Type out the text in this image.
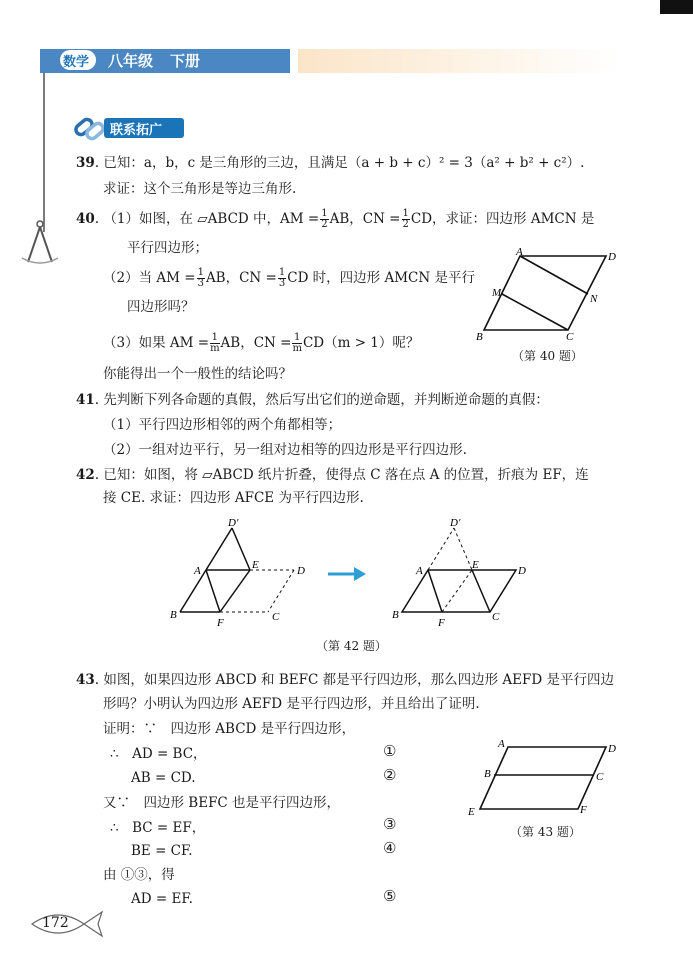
数学 八年级 下册
联系拓广
39. 已知：a，b，c 是三角形的三边，且满足（a + b + c）² = 3（a² + b² + c²）.
求证：这个三角形是等边三角形.
40. （1）如图，在 ▱ABCD 中，AM = $\frac{1}{2}$ AB，CN = $\frac{1}{2}$ CD，求证：四边形 AMCN 是
平行四边形；
（2）当 AM = $\frac{1}{3}$ AB，CN = $\frac{1}{3}$ CD 时，四边形 AMCN 是平行
四边形吗？
（3）如果 AM = $\frac{1}{m}$ AB，CN = $\frac{1}{m} CD(m > 1)$呢？
你能得出一个一般性的结论吗？
A	D
M	N
B	C
（第 40 题）
41. 先判断下列各命题的真假，然后写出它们的逆命题，并判断逆命题的真假：
（1）平行四边形相邻的两个角都相等；
（2）一组对边平行，另一组对边相等的四边形是平行四边形.
42. 已知：如图，将 ▱ABCD 纸片折叠，使得点 C 落在点 A 的位置，折痕为 EF，连
接 CE. 求证：四边形 AFCE 为平行四边形.
D′
A	E	D
B
F	C
D′
A	E	D
B
F	C
（第 42 题）
43. 如图，如果四边形 ABCD 和 BEFC 都是平行四边形，那么四边形 AEFD 是平行四边
形吗？小明认为四边形 AEFD 是平行四边形，并且给出了证明.
证明：∵　四边形 ABCD 是平行四边形，
∴　AD = BC，	①
AB = CD.	②
又∵　四边形 BEFC 也是平行四边形，
∴　BC = EF，	③
BE = CF.	④
由 ①③，得
AD = EF.	⑤
A	D
B	C
E	F
（第 43 题）
172
